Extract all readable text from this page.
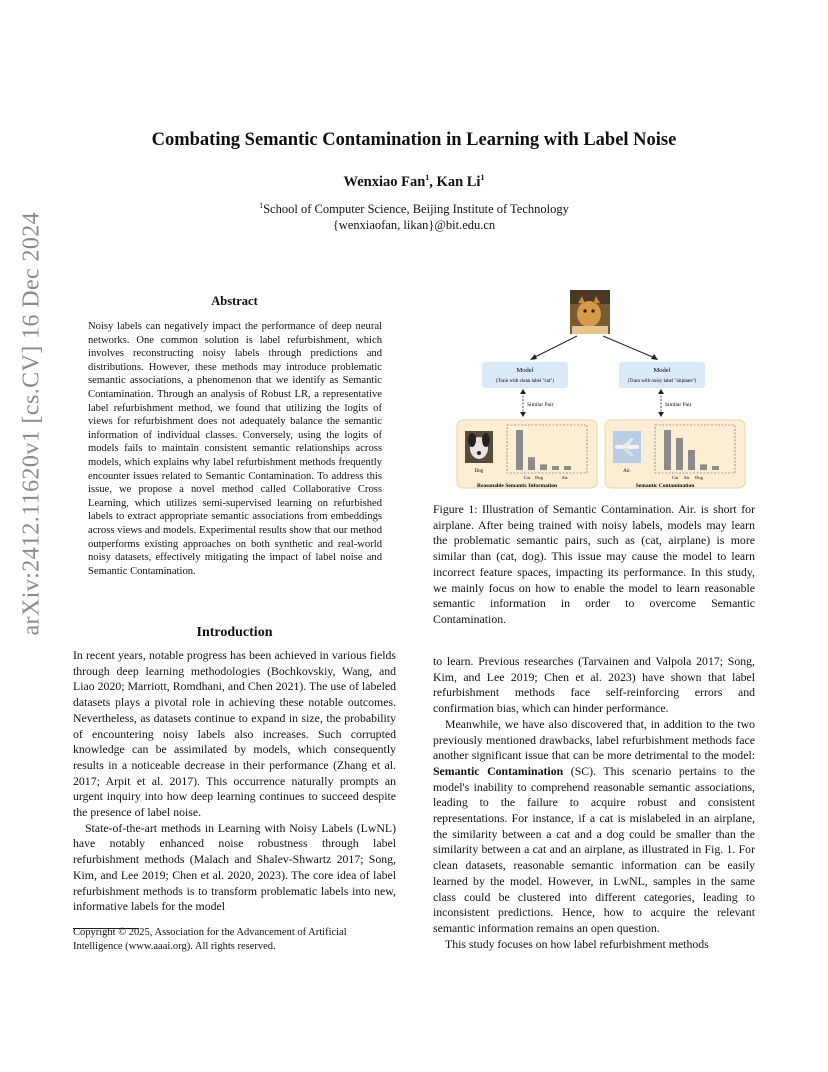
Combating Semantic Contamination in Learning with Label Noise
Wenxiao Fan$^1$, Kan Li$^1$
$^1$School of Computer Science, Beijing Institute of Technology
{wenxiaofan, likan}@bit.edu.cn
arXiv:2412.11620v1 [cs.CV] 16 Dec 2024	Abstract
Noisy labels can negatively impact the performance of deep neural networks. One common solution is label refurbishment, which involves reconstructing noisy labels through predictions and distributions. However, these methods may introduce problematic semantic associations, a phenomenon that we identify as Semantic Contamination. Through an analysis of Robust LR, a representative label refurbishment method, we found that utilizing the logits of views for refurbishment does not adequately balance the semantic information of individual classes. Conversely, using the logits of models fails to maintain consistent semantic relationships across models, which explains why label refurbishment methods frequently encounter issues related to Semantic Contamination. To address this issue, we propose a novel method called Collaborative Cross Learning, which utilizes semi-supervised learning on refurbished labels to extract appropriate semantic associations from embeddings across views and models. Experimental results show that our method outperforms existing approaches on both synthetic and real-world noisy datasets, effectively mitigating the impact of label noise and Semantic Contamination.
Introduction

In recent years, notable progress has been achieved in various fields through deep learning methodologies (Bochkovskiy, Wang, and Liao 2020; Marriott, Romdhani, and Chen 2021). The use of labeled datasets plays a pivotal role in achieving these notable outcomes. Nevertheless, as datasets continue to expand in size, the probability of encountering noisy labels also increases. Such corrupted knowledge can be assimilated by models, which consequently results in a noticeable decrease in their performance (Zhang et al. 2017; Arpit et al. 2017). This occurrence naturally prompts an urgent inquiry into how deep learning continues to succeed despite the presence of label noise.

State-of-the-art methods in Learning with Noisy Labels (LwNL) have notably enhanced noise robustness through label refurbishment methods (Malach and Shalev-Shwartz 2017; Song, Kim, and Lee 2019; Chen et al. 2020, 2023). The core idea of label refurbishment methods is to transform problematic labels into new, informative labels for the model

Copyright © 2025, Association for the Advancement of Artificial Intelligence (www.aaai.org). All rights reserved.

to learn. Previous researches (Tarvainen and Valpola 2017; Song, Kim, and Lee 2019; Chen et al. 2023) have shown that label refurbishment methods face self-reinforcing errors and confirmation bias, which can hinder performance.

Meanwhile, we have also discovered that, in addition to the two previously mentioned drawbacks, label refurbishment methods face another significant issue that can be more detrimental to the model: Semantic Contamination (SC). This scenario pertains to the model's inability to comprehend reasonable semantic associations, leading to the failure to acquire robust and consistent representations. For instance, if a cat is mislabeled in an airplane, the similarity between a cat and a dog could be smaller than the similarity between a cat and an airplane, as illustrated in Fig. 1. For clean datasets, reasonable semantic information can be easily learned by the model. However, in LwNL, samples in the same class could be clustered into different categories, leading to inconsistent predictions. Hence, how to acquire the relevant semantic information remains an open question.

This study focuses on how label refurbishment methods

Model
(Train with clean label "cat")
Model
(Train with noisy label "airplane")
Similar Pair	Similar Pair
Dog
Cat Dog	Air.
Reasonable Semantic Information
Air.
Cat Air. Dog
Semantic Contamination
Figure 1: Illustration of Semantic Contamination. Air. is short for airplane. After being trained with noisy labels, models may learn the problematic semantic pairs, such as (cat, airplane) is more similar than (cat, dog). This issue may cause the model to learn incorrect feature spaces, impacting its performance. In this study, we mainly focus on how to enable the model to learn reasonable semantic information in order to overcome Semantic Contamination.
